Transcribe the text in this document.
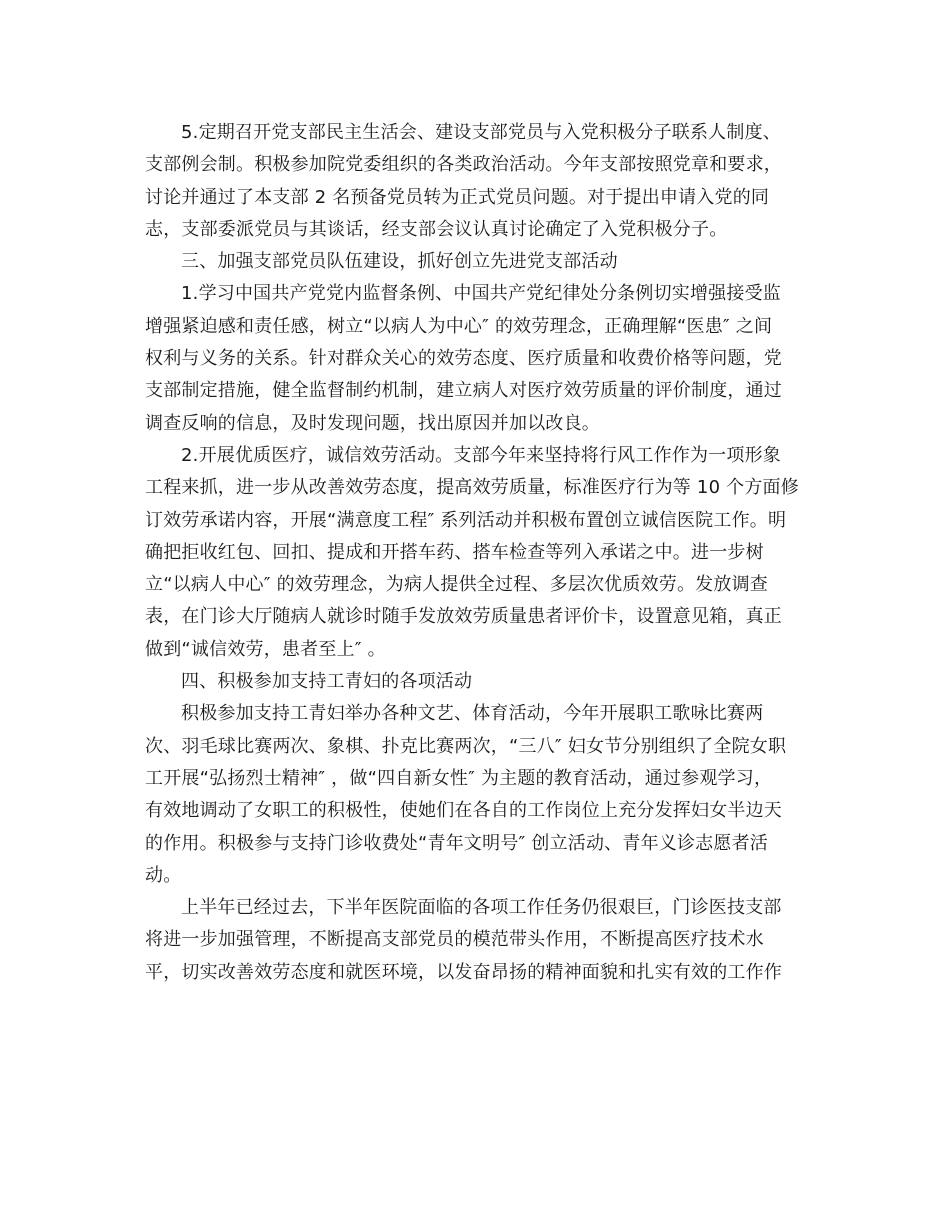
5.定期召开党支部民主生活会、建设支部党员与入党积极分子联系人制度、
支部例会制。积极参加院党委组织的各类政治活动。今年支部按照党章和要求，
讨论并通过了本支部 2 名预备党员转为正式党员问题。对于提出申请入党的同
志，支部委派党员与其谈话，经支部会议认真讨论确定了入党积极分子。

三、加强支部党员队伍建设，抓好创立先进党支部活动

1.学习中国共产党党内监督条例、中国共产党纪律处分条例切实增强接受监
增强紧迫感和责任感，树立“以病人为中心″ 的效劳理念，正确理解“医患″ 之间
权利与义务的关系。针对群众关心的效劳态度、医疗质量和收费价格等问题，党
支部制定措施，健全监督制约机制，建立病人对医疗效劳质量的评价制度，通过
调查反响的信息，及时发现问题，找出原因并加以改良。

2.开展优质医疗，诚信效劳活动。支部今年来坚持将行风工作作为一项形象
工程来抓，进一步从改善效劳态度，提高效劳质量，标准医疗行为等 10 个方面修
订效劳承诺内容，开展“满意度工程″ 系列活动并积极布置创立诚信医院工作。明
确把拒收红包、回扣、提成和开搭车药、搭车检查等列入承诺之中。进一步树
立“以病人中心″ 的效劳理念，为病人提供全过程、多层次优质效劳。发放调查
表，在门诊大厅随病人就诊时随手发放效劳质量患者评价卡，设置意见箱，真正
做到“诚信效劳，患者至上″ 。

四、积极参加支持工青妇的各项活动

积极参加支持工青妇举办各种文艺、体育活动，今年开展职工歌咏比赛两
次、羽毛球比赛两次、象棋、扑克比赛两次，“三八″ 妇女节分别组织了全院女职
工开展“弘扬烈士精神″ ，做“四自新女性″ 为主题的教育活动，通过参观学习，
有效地调动了女职工的积极性，使她们在各自的工作岗位上充分发挥妇女半边天
的作用。积极参与支持门诊收费处“青年文明号″ 创立活动、青年义诊志愿者活
动。

上半年已经过去，下半年医院面临的各项工作任务仍很艰巨，门诊医技支部
将进一步加强管理，不断提高支部党员的模范带头作用，不断提高医疗技术水
平，切实改善效劳态度和就医环境，以发奋昂扬的精神面貌和扎实有效的工作作
